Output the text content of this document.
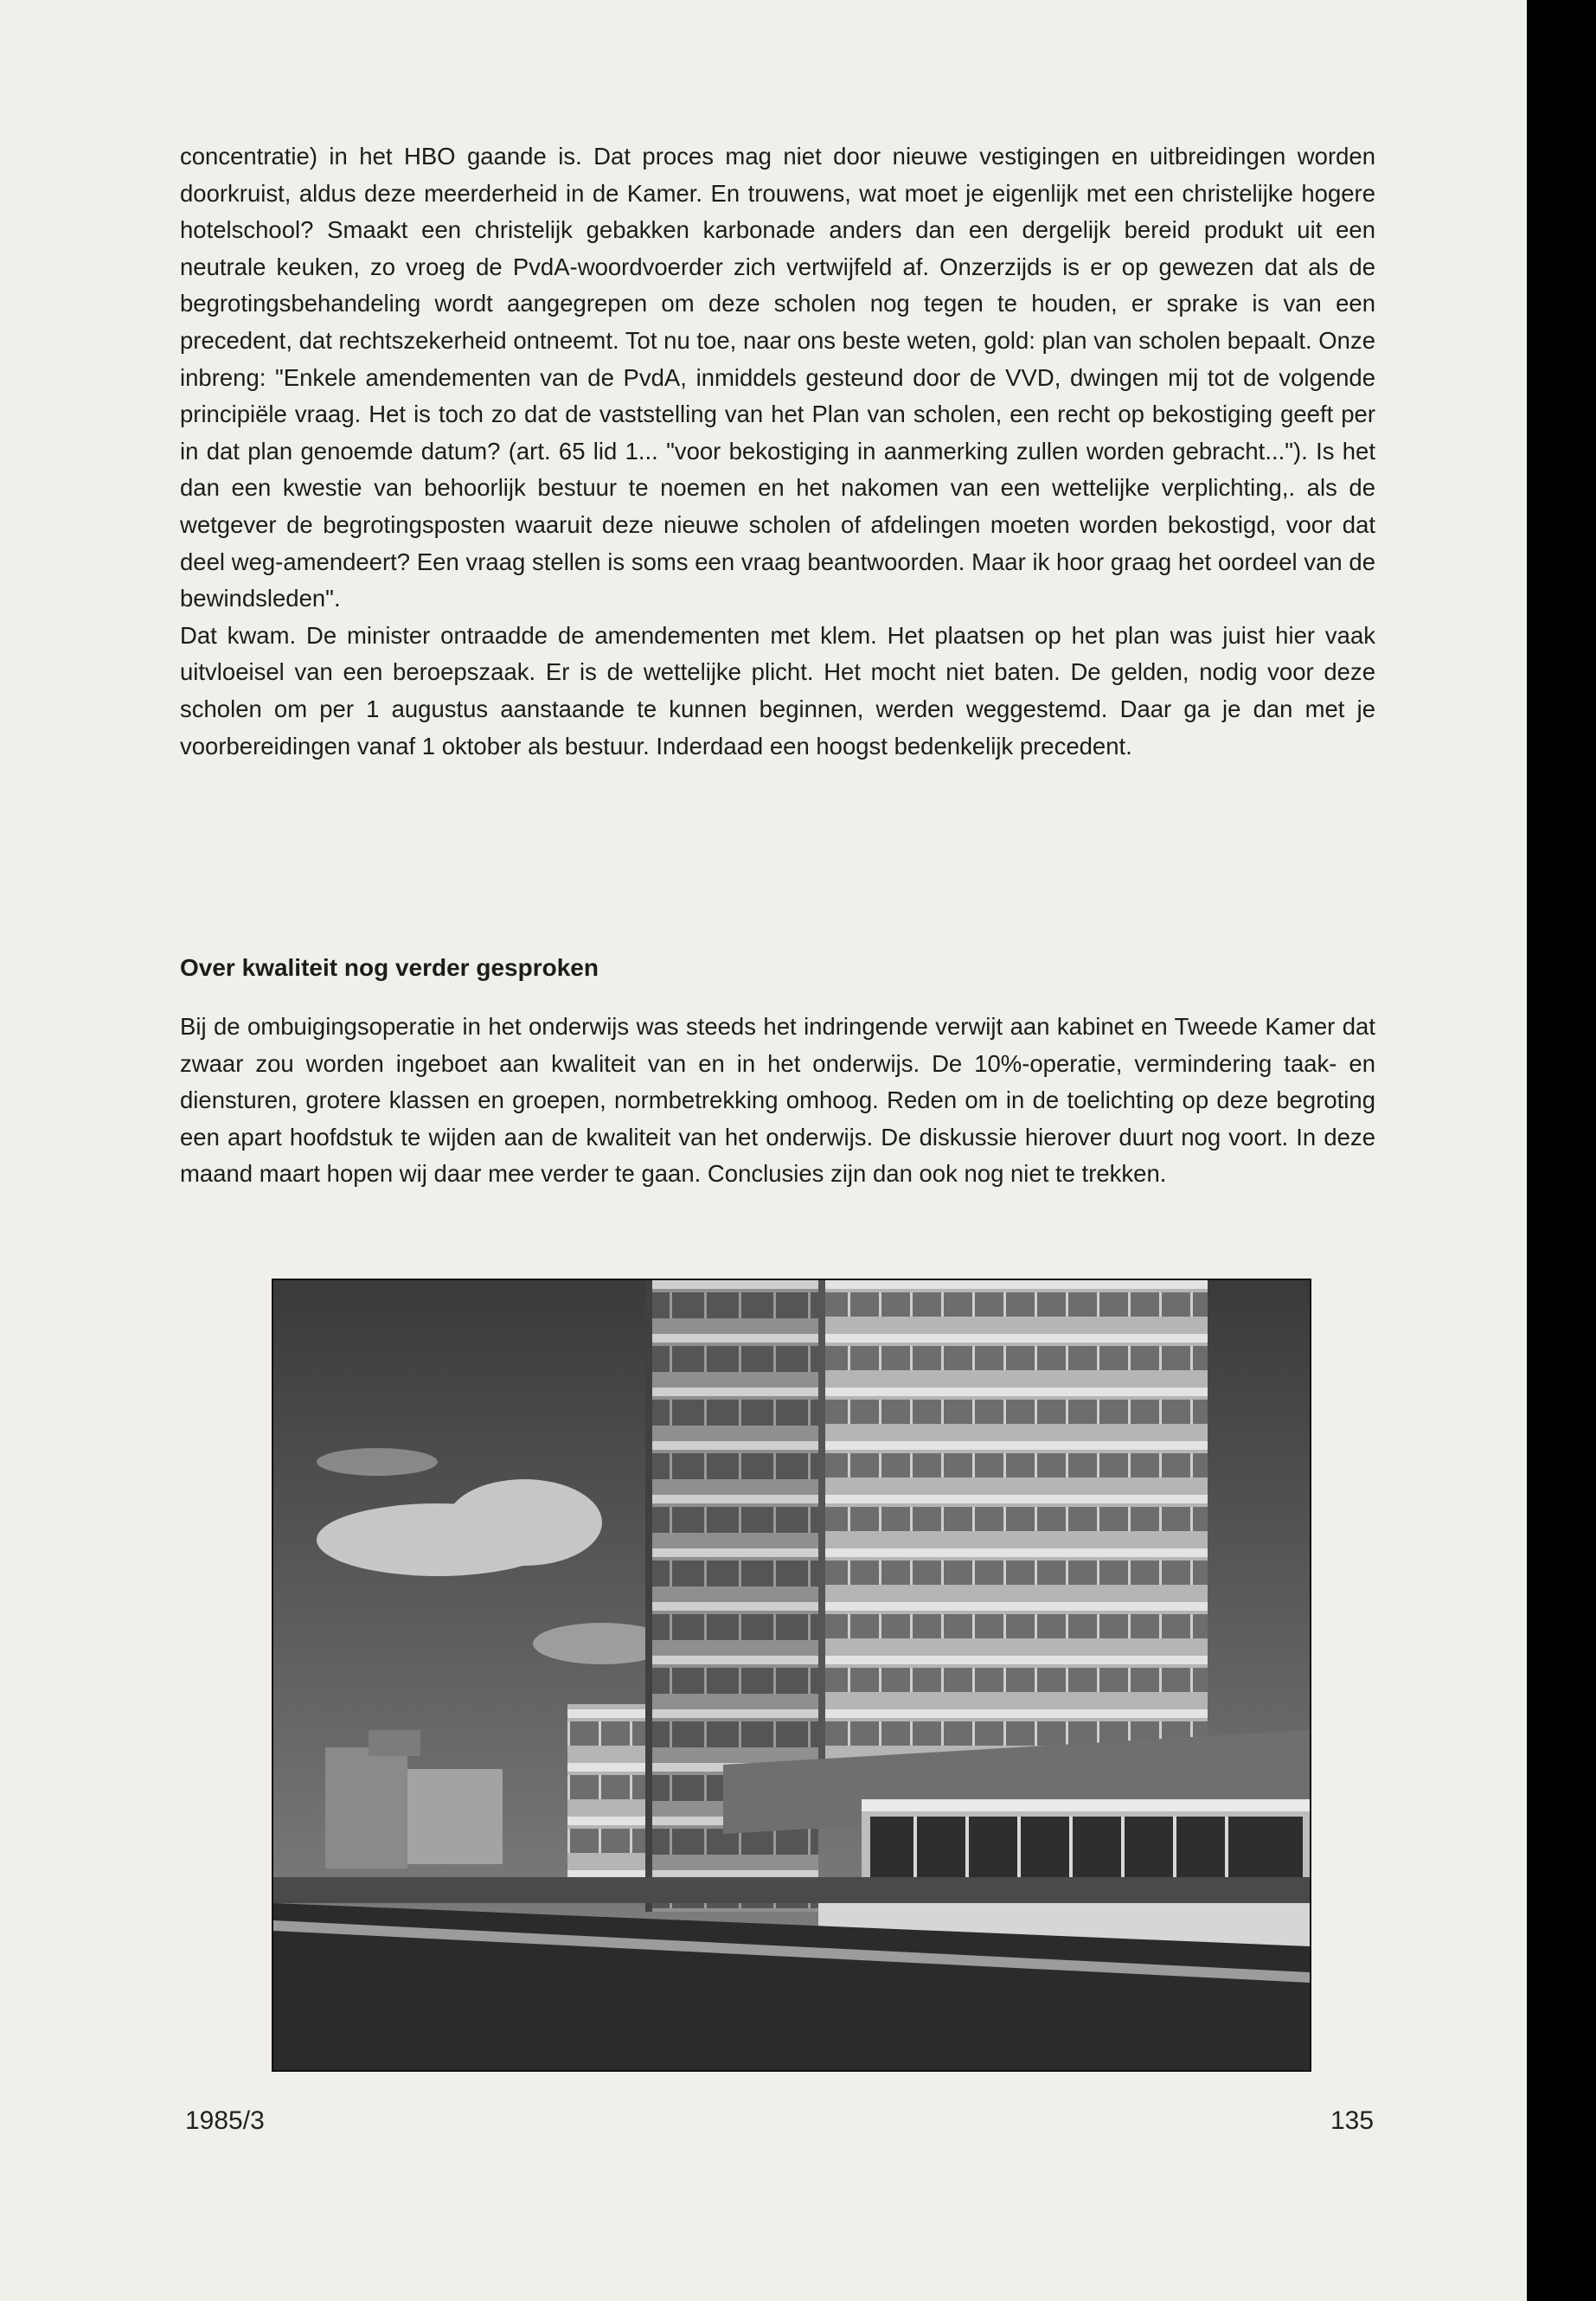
concentratie) in het HBO gaande is. Dat proces mag niet door nieuwe vestigingen en uitbreidingen worden doorkruist, aldus deze meerderheid in de Kamer. En trouwens, wat moet je eigenlijk met een christelijke hogere hotelschool? Smaakt een christelijk gebakken karbonade anders dan een dergelijk bereid produkt uit een neutrale keuken, zo vroeg de PvdA-woordvoerder zich vertwijfeld af. Onzerzijds is er op gewezen dat als de begrotingsbehandeling wordt aangegrepen om deze scholen nog tegen te houden, er sprake is van een precedent, dat rechtszekerheid ontneemt. Tot nu toe, naar ons beste weten, gold: plan van scholen bepaalt. Onze inbreng: "Enkele amendementen van de PvdA, inmiddels gesteund door de VVD, dwingen mij tot de volgende principiële vraag. Het is toch zo dat de vaststelling van het Plan van scholen, een recht op bekostiging geeft per in dat plan genoemde datum? (art. 65 lid 1... "voor bekostiging in aanmerking zullen worden gebracht..."). Is het dan een kwestie van behoorlijk bestuur te noemen en het nakomen van een wettelijke verplichting,. als de wetgever de begrotingsposten waaruit deze nieuwe scholen of afdelingen moeten worden bekostigd, voor dat deel weg-amendeert? Een vraag stellen is soms een vraag beantwoorden. Maar ik hoor graag het oordeel van de bewindsleden".
Dat kwam. De minister ontraadde de amendementen met klem. Het plaatsen op het plan was juist hier vaak uitvloeisel van een beroepszaak. Er is de wettelijke plicht. Het mocht niet baten. De gelden, nodig voor deze scholen om per 1 augustus aanstaande te kunnen beginnen, werden weggestemd. Daar ga je dan met je voorbereidingen vanaf 1 oktober als bestuur. Inderdaad een hoogst bedenkelijk precedent.
Over kwaliteit nog verder gesproken

Bij de ombuigingsoperatie in het onderwijs was steeds het indringende verwijt aan kabinet en Tweede Kamer dat zwaar zou worden ingeboet aan kwaliteit van en in het onderwijs. De 10%-operatie, vermindering taak- en diensturen, grotere klassen en groepen, normbetrekking omhoog. Reden om in de toelichting op deze begroting een apart hoofdstuk te wijden aan de kwaliteit van het onderwijs. De diskussie hierover duurt nog voort. In deze maand maart hopen wij daar mee verder te gaan. Conclusies zijn dan ook nog niet te trekken.

1985/3	135
